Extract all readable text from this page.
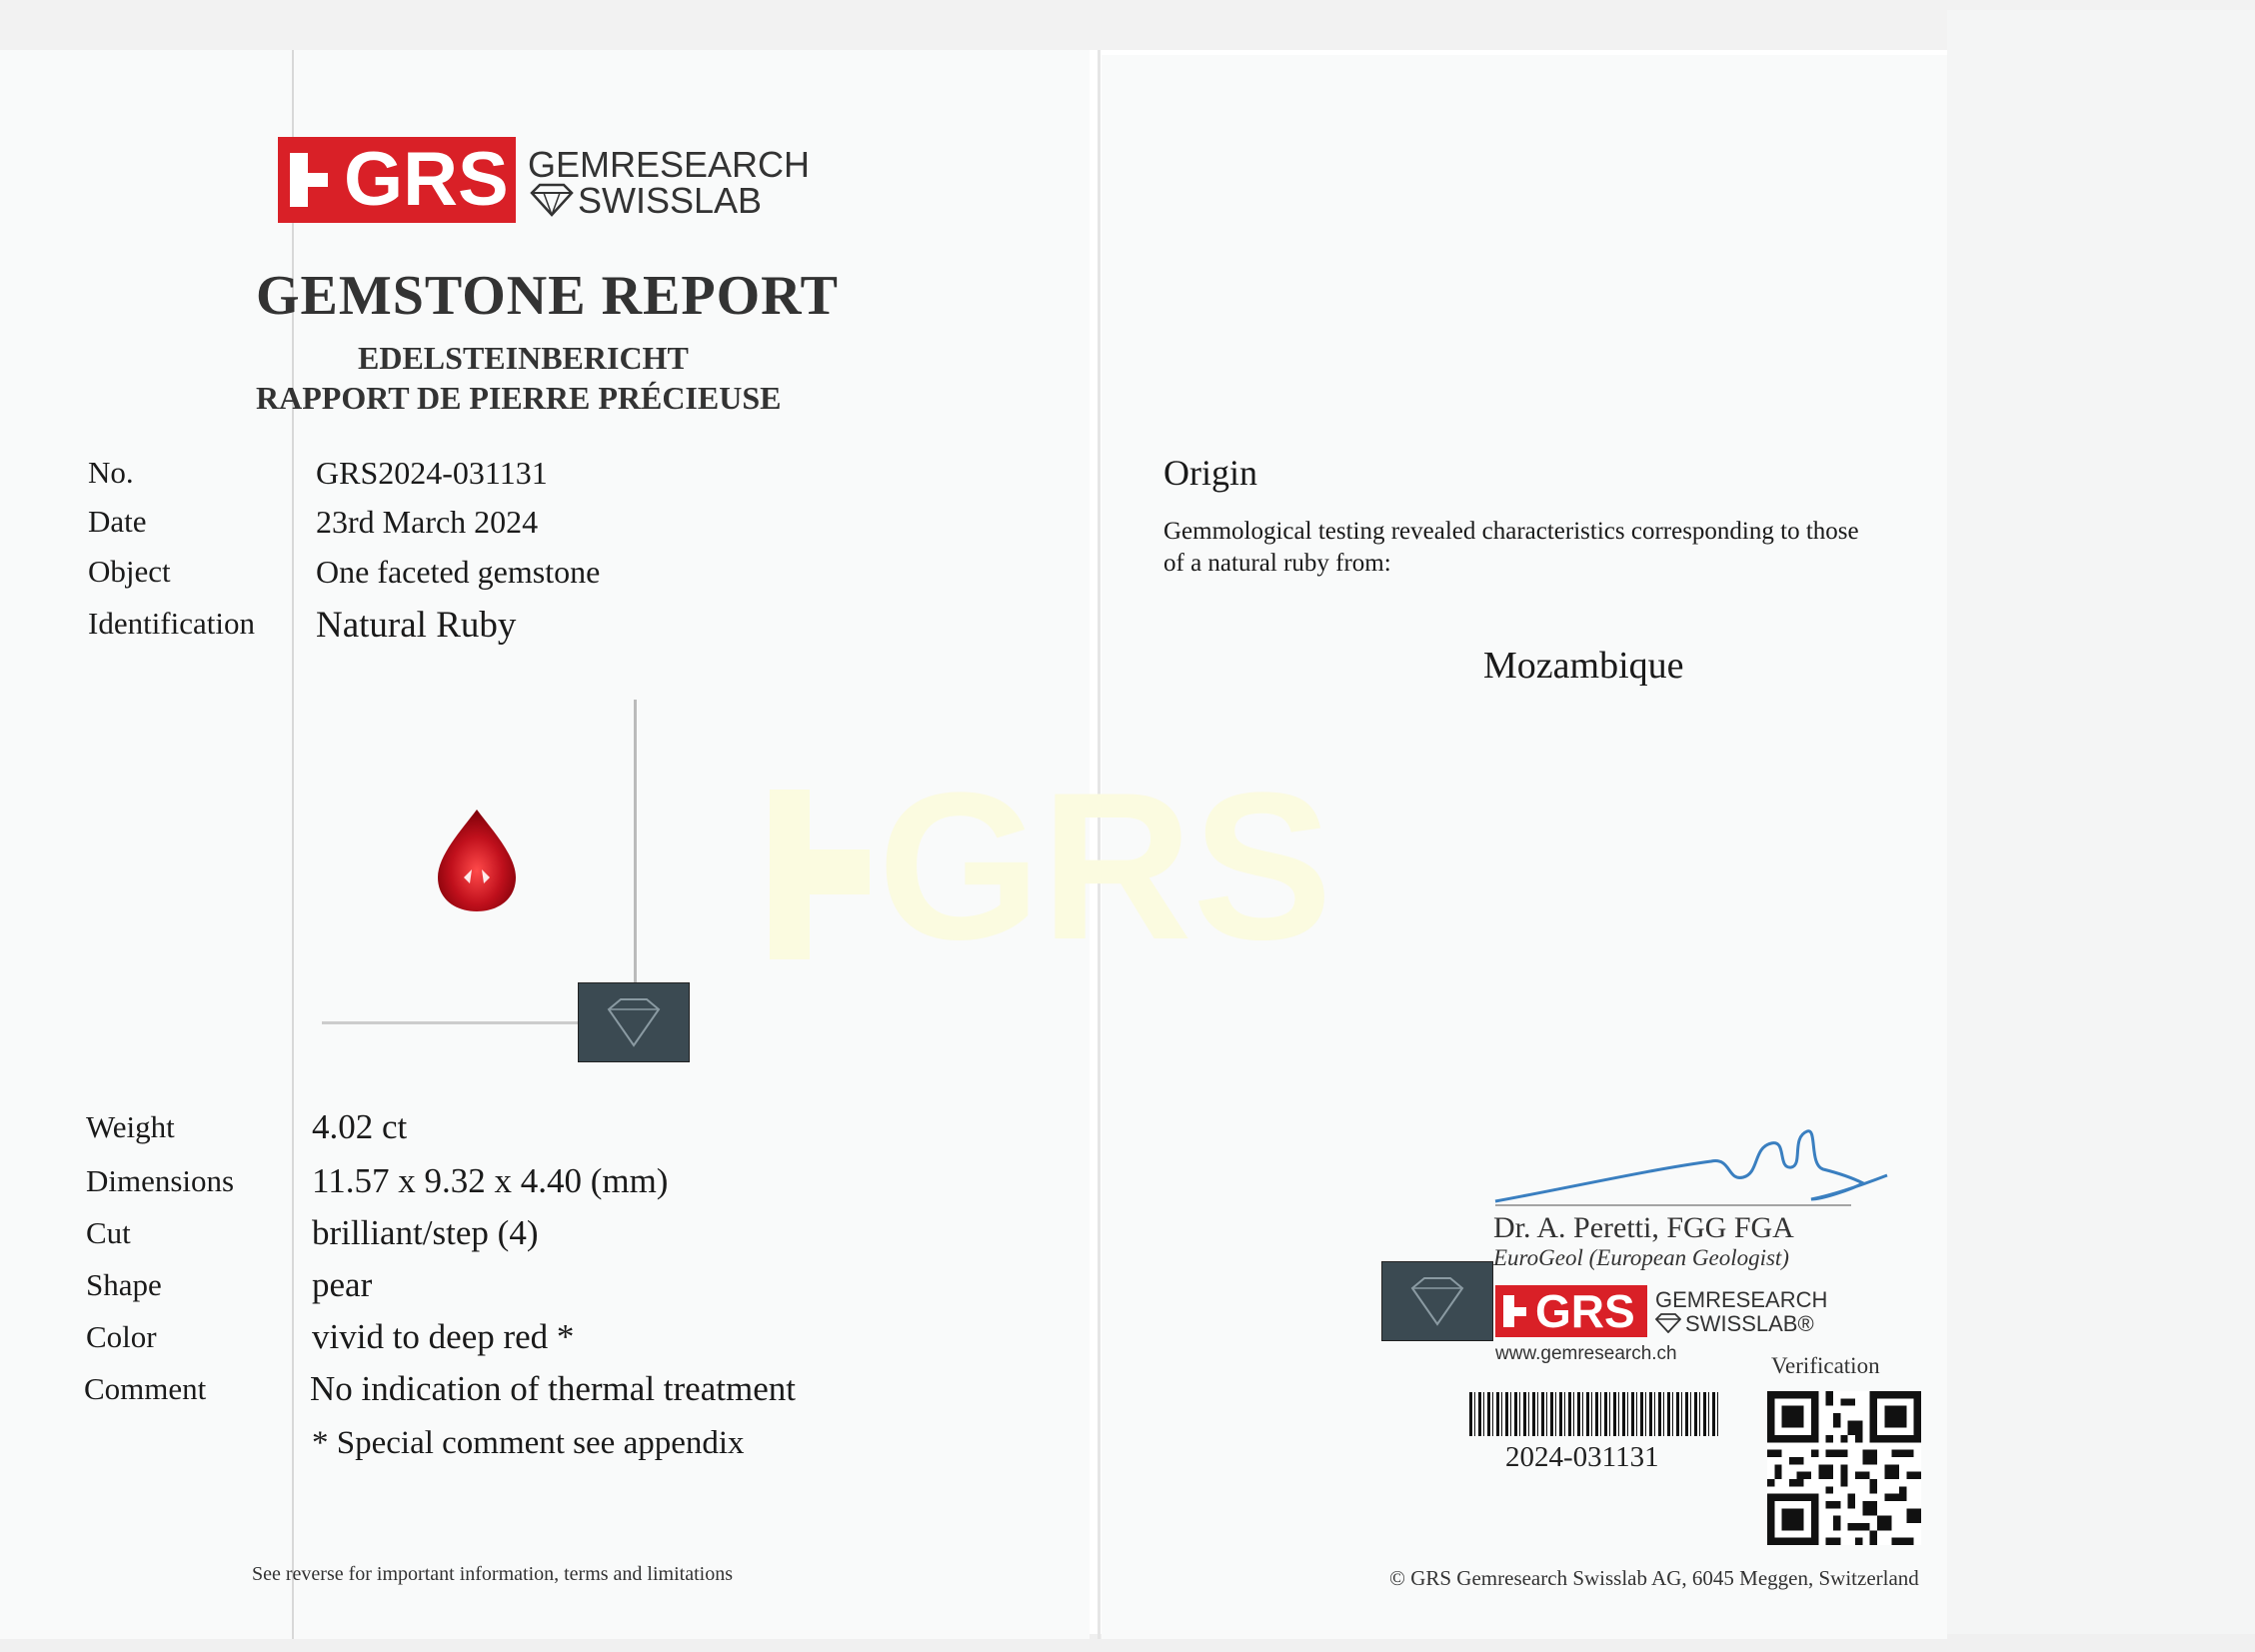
GRS
GRS GEMRESEARCH
SWISSLAB
GEMSTONE REPORT
EDELSTEINBERICHT
RAPPORT DE PIERRE PRÉCIEUSE
No.	GRS2024-031131
Date	23rd March 2024
Object	One faceted gemstone
Identification Natural Ruby
Weight	4.02 ct
Dimensions 11.57 x 9.32 x 4.40 (mm)
Cut	brilliant/step (4)
Shape	pear
Color	vivid to deep red *
Comment	No indication of thermal treatment
* Special comment see appendix
See reverse for important information, terms and limitations
Origin
Gemmological testing revealed characteristics corresponding to those
of a natural ruby from:
Mozambique
Dr. A. Peretti, FGG FGA
EuroGeol (European Geologist)
GRS GEMRESEARCH
SWISSLAB®
www.gemresearch.ch	Verification
2024-031131
© GRS Gemresearch Swisslab AG, 6045 Meggen, Switzerland
